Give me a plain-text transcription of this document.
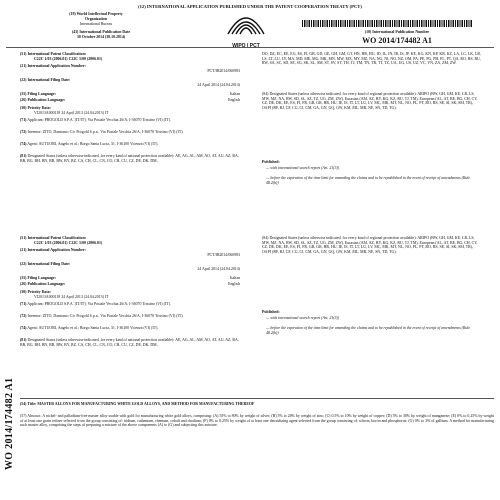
(12) INTERNATIONAL APPLICATION PUBLISHED UNDER THE PATENT COOPERATION TREATY (PCT)
(19) World Intellectual Property
Organization
International Bureau
(43) International Publication Date
30 October 2014 (30.10.2014)
WIPO | PCT
(10) International Publication Number
WO 2014/174482 A1
WO 2014/174482 A1
(51) International Patent Classification:
C22C 1/03 (2006.01) C22C 5/00 (2006.01)
(21) International Application Number:

PCT/IB2014/060983
(22) International Filing Date:

24 April 2014 (24.04.2014)
(25) Filing Language:	Italian
(26) Publication Language:	English
(30) Priority Data:
VI2013A000118 24 April 2013 (24.04.2013) IT
(71) Applicant: PROGOLD S.P.A. [IT/IT]; Via Postale Vecchia 26/A, I-36070 Trissino (VI) (IT).
(72) Inventor: ZITO, Damiano; C/o Progold S.p.a., Via Postale Vecchia 26/A, I-36070 Trissino (VI) (IT).
(74) Agent: AUTUORI, Angelo et al.; Borgo Santa Lucia, 31, I-36100 Vicenza (VI) (IT).
(81) Designated States (unless otherwise indicated, for every kind of national protection available): AE, AG, AL, AM, AO, AT, AU, AZ, BA, BB, BG, BH, BN, BR, BW, BY, BZ, CA, CH, CL, CN, CO, CR, CU, CZ, DE, DK, DM,
(51) International Patent Classification:
C22C 1/03 (2006.01) C22C 5/00 (2006.01)
(21) International Application Number:

PCT/IB2014/060983
(22) International Filing Date:

24 April 2014 (24.04.2014)
(25) Filing Language:	Italian
(26) Publication Language:	English
(30) Priority Data:
VI2013A000118 24 April 2013 (24.04.2013) IT
(71) Applicant: PROGOLD S.P.A. [IT/IT]; Via Postale Vecchia 26/A, I-36070 Trissino (VI) (IT).
(72) Inventor: ZITO, Damiano; C/o Progold S.p.a., Via Postale Vecchia 26/A, I-36070 Trissino (VI) (IT).
(74) Agent: AUTUORI, Angelo et al.; Borgo Santa Lucia, 31, I-36100 Vicenza (VI) (IT).
(81) Designated States (unless otherwise indicated, for every kind of national protection available): AE, AG, AL, AM, AO, AT, AU, AZ, BA, BB, BG, BH, BN, BR, BW, BY, BZ, CA, CH, CL, CN, CO, CR, CU, CZ, DE, DK, DM,
DO, DZ, EC, EE, EG, ES, FI, GB, GD, GE, GH, GM, GT, HN, HR, HU, ID, IL, IN, IR, IS, JP, KE, KG, KN, KP, KR, KZ, LA, LC, LK, LR, LS, LT, LU, LY, MA, MD, ME, MG, MK, MN, MW, MX, MY, MZ, NA, NG, NI, NO, NZ, OM, PA, PE, PG, PH, PL, PT, QA, RO, RS, RU, RW, SA, SC, SD, SE, SG, SK, SL, SM, ST, SV, SY, TH, TJ, TM, TN, TR, TT, TZ, UA, UG, US, UZ, VC, VN, ZA, ZM, ZW.
(84) Designated States (unless otherwise indicated, for every kind of regional protection available): ARIPO (BW, GH, GM, KE, LR, LS, MW, MZ, NA, RW, SD, SL, SZ, TZ, UG, ZM, ZW), Eurasian (AM, AZ, BY, KG, KZ, RU, TJ, TM), European (AL, AT, BE, BG, CH, CY, CZ, DE, DK, EE, ES, FI, FR, GB, GR, HR, HU, IE, IS, IT, LT, LU, LV, MC, MK, MT, NL, NO, PL, PT, RO, RS, SE, SI, SK, SM, TR), OAPI (BF, BJ, CF, CG, CI, CM, GA, GN, GQ, GW, KM, ML, MR, NE, SN, TD, TG).
Published:
— with international search report (Art. 21(3))
— before the expiration of the time limit for amending the claims and to be republished in the event of receipt of amendments (Rule 48.2(h))
(84) Designated States (unless otherwise indicated, for every kind of regional protection available): ARIPO (BW, GH, GM, KE, LR, LS, MW, MZ, NA, RW, SD, SL, SZ, TZ, UG, ZM, ZW), Eurasian (AM, AZ, BY, KG, KZ, RU, TJ, TM), European (AL, AT, BE, BG, CH, CY, CZ, DE, DK, EE, ES, FI, FR, GB, GR, HR, HU, IE, IS, IT, LT, LU, LV, MC, MK, MT, NL, NO, PL, PT, RO, RS, SE, SI, SK, SM, TR), OAPI (BF, BJ, CF, CG, CI, CM, GA, GN, GQ, GW, KM, ML, MR, NE, SN, TD, TG).
Published:
— with international search report (Art. 21(3))
— before the expiration of the time limit for amending the claims and to be republished in the event of receipt of amendments (Rule 48.2(h))
(54) Title: MASTER ALLOYS FOR MANUFACTURING WHITE GOLD ALLOYS, AND METHOD FOR MANUFACTURING THEREOF
(57) Abstract: A nickel- and palladium-free master alloy usable with gold for manufacturing white gold alloys, comprising: (A) 55% to 80% by weight of silver; (B) 5% to 20% by weight of zinc; (C) 0.5% to 10% by weight of copper; (D) 5% to 30% by weight of manganese; (E) 0% to 0.25% by weight of at least one grain refiner selected from the group consisting of: iridium, ruthenium, rhenium, cobalt and rhodium; (F) 0% to 0.25% by weight of at least one deoxidizing agent selected from the group consisting of: silicon, boron and phosphorus; (G) 0% to 3% of gallium. A method for manufacturing such master alloy, comprising the steps of preparing a mixture of the above components (A) to (G) and subjecting this mixture.
